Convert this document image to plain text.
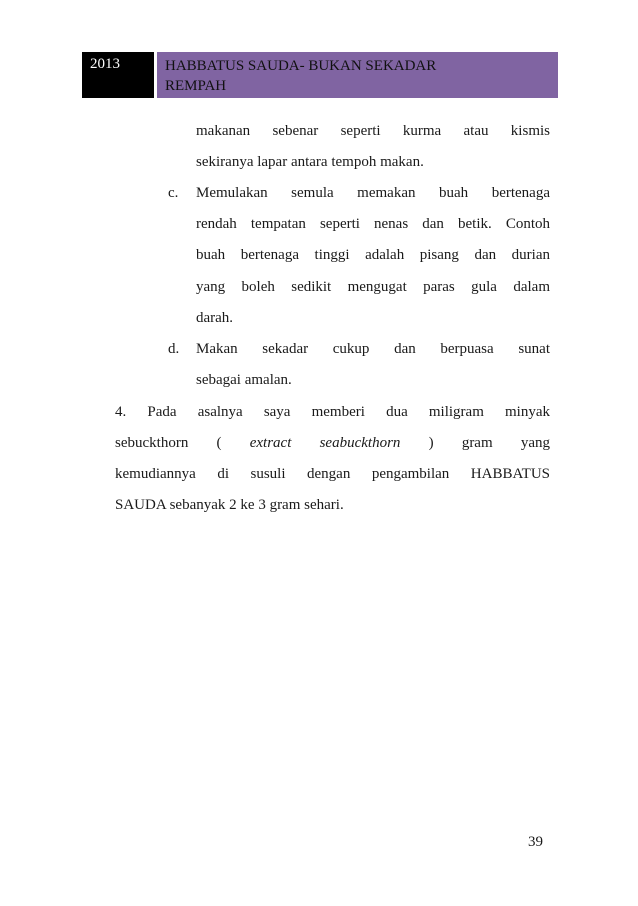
2013	HABBATUS SAUDA- BUKAN SEKADAR
REMPAH
makanan sebenar seperti kurma atau kismis
sekiranya lapar antara tempoh makan.
c. Memulakan semula memakan buah bertenaga
rendah tempatan seperti nenas dan betik. Contoh
buah bertenaga tinggi adalah pisang dan durian
yang boleh sedikit mengugat paras gula dalam
darah.
d. Makan sekadar cukup dan berpuasa sunat
sebagai amalan.
4. Pada asalnya saya memberi dua miligram minyak
sebuckthorn ( extract seabuckthorn ) gram yang
kemudiannya di susuli dengan pengambilan HABBATUS
SAUDA sebanyak 2 ke 3 gram sehari.
39
